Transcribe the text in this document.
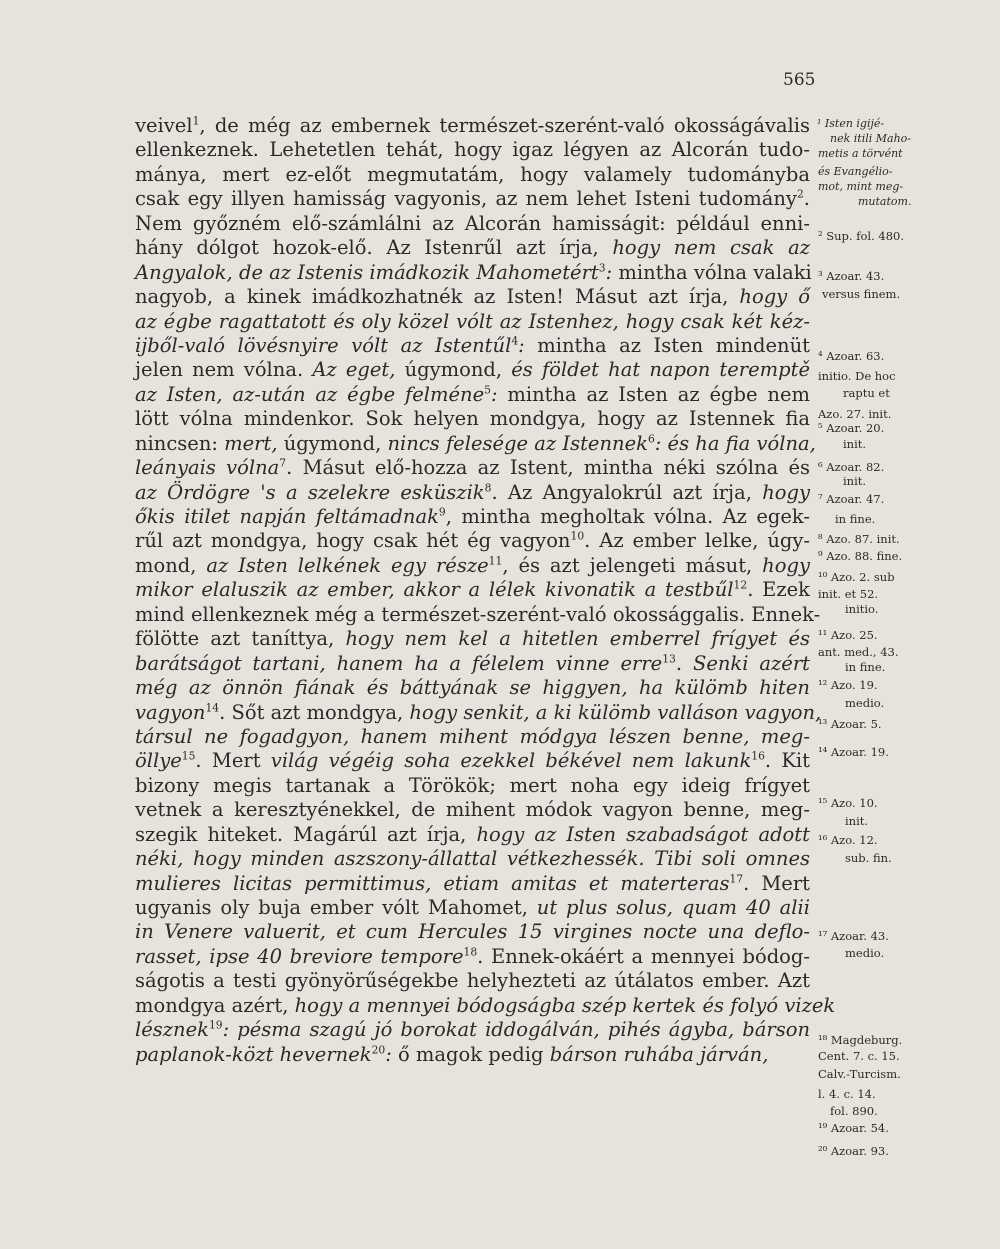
565
veivel$^1$, de még az embernek természet-szerént-való okosságávalis
ellenkeznek. Lehetetlen tehát, hogy igaz légyen az Alcorán tudo-
mánya, mert ez-előt megmutatám, hogy valamely tudományba
csak egy illyen hamisság vagyonis, az nem lehet Isteni tudomány$^2$.
Nem győzném elő-számlálni az Alcorán hamisságit: például enni-
hány dólgot hozok-elő. Az Istenrűl azt írja, hogy nem csak az
Angyalok, de az Istenis imádkozik Mahometért$^3$: mintha vólna valaki
nagyob, a kinek imádkozhatnék az Isten! Másut azt írja, hogy ő
az égbe ragattatott és oly közel vólt az Istenhez, hogy csak két kéz-
ijből-való lövésnyire vólt az Istentűl$^4$: mintha az Isten mindenüt
jelen nem vólna. Az eget, úgymond, és földet hat napon teremptě
az Isten, az-után az égbe felméne$^5$: mintha az Isten az égbe nem
lött vólna mindenkor. Sok helyen mondgya, hogy az Istennek fia
nincsen: mert, úgymond, nincs felesége az Istennek$^6$: és ha fia vólna,
leányais vólna$^7$. Másut elő-hozza az Istent, mintha néki szólna és
az Ördögre 's a szelekre esküszik$^8$. Az Angyalokrúl azt írja, hogy
őkis itilet napján feltámadnak$^9$, mintha megholtak vólna. Az egek-
rűl azt mondgya, hogy csak hét ég vagyon$^{10}$. Az ember lelke, úgy-
mond, az Isten lelkének egy része$^{11}$, és azt jelengeti másut, hogy
mikor elaluszik az ember, akkor a lélek kivonatik a testbűl$^{12}$. Ezek
mind ellenkeznek még a természet-szerént-való okossággalis. Ennek-
fölötte azt taníttya, hogy nem kel a hitetlen emberrel frígyet és
barátságot tartani, hanem ha a félelem vinne erre$^{13}$. Senki azért
még az önnön fiának és báttyának se higgyen, ha külömb hiten
vagyon$^{14}$. Sőt azt mondgya, hogy senkit, a ki külömb valláson vagyon,
társul ne fogadgyon, hanem mihent módgya lészen benne, meg-
öllye$^{15}$. Mert világ végéig soha ezekkel békével nem lakunk$^{16}$. Kit
bizony megis tartanak a Törökök; mert noha egy ideig frígyet
vetnek a keresztyénekkel, de mihent módok vagyon benne, meg-
szegik hiteket. Magárúl azt írja, hogy az Isten szabadságot adott
néki, hogy minden aszszony-állattal vétkezhessék. Tibi soli omnes
mulieres licitas permittimus, etiam amitas et materteras$^{17}$. Mert
ugyanis oly buja ember vólt Mahomet, ut plus solus, quam 40 alii
in Venere valuerit, et cum Hercules 15 virgines nocte una deflo-
rasset, ipse 40 breviore tempore$^{18}$. Ennek-okáért a mennyei bódog-
ságotis a testi gyönyörűségekbe helyhezteti az útálatos ember. Azt
mondgya azért, hogy a mennyei bódogságba szép kertek és folyó vizek
lésznek$^{19}$: pésma szagú jó borokat iddogálván, pihés ágyba, bárson
paplanok-közt hevernek$^{20}$: ő magok pedig bárson ruhába járván,
¹ Isten igijé-
nek itili Maho-
metis a törvént
és Evangélio-
mot, mint meg-
mutatom.
² Sup. fol. 480.
³ Azoar. 43.
versus finem.
⁴ Azoar. 63.
initio. De hoc
raptu et
Azo. 27. init.
⁵ Azoar. 20.
init.
⁶ Azoar. 82.
init.
⁷ Azoar. 47.
in fine.
⁸ Azo. 87. init.
⁹ Azo. 88. fine.
¹⁰ Azo. 2. sub
init. et 52.
initio.
¹¹ Azo. 25.
ant. med., 43.
in fine.
¹² Azo. 19.
medio.
¹³ Azoar. 5.
¹⁴ Azoar. 19.
¹⁵ Azo. 10.
init.
¹⁶ Azo. 12.
sub. fin.
¹⁷ Azoar. 43.
medio.
¹⁸ Magdeburg.
Cent. 7. c. 15.
Calv.-Turcism.
l. 4. c. 14.
fol. 890.
¹⁹ Azoar. 54.
²⁰ Azoar. 93.
